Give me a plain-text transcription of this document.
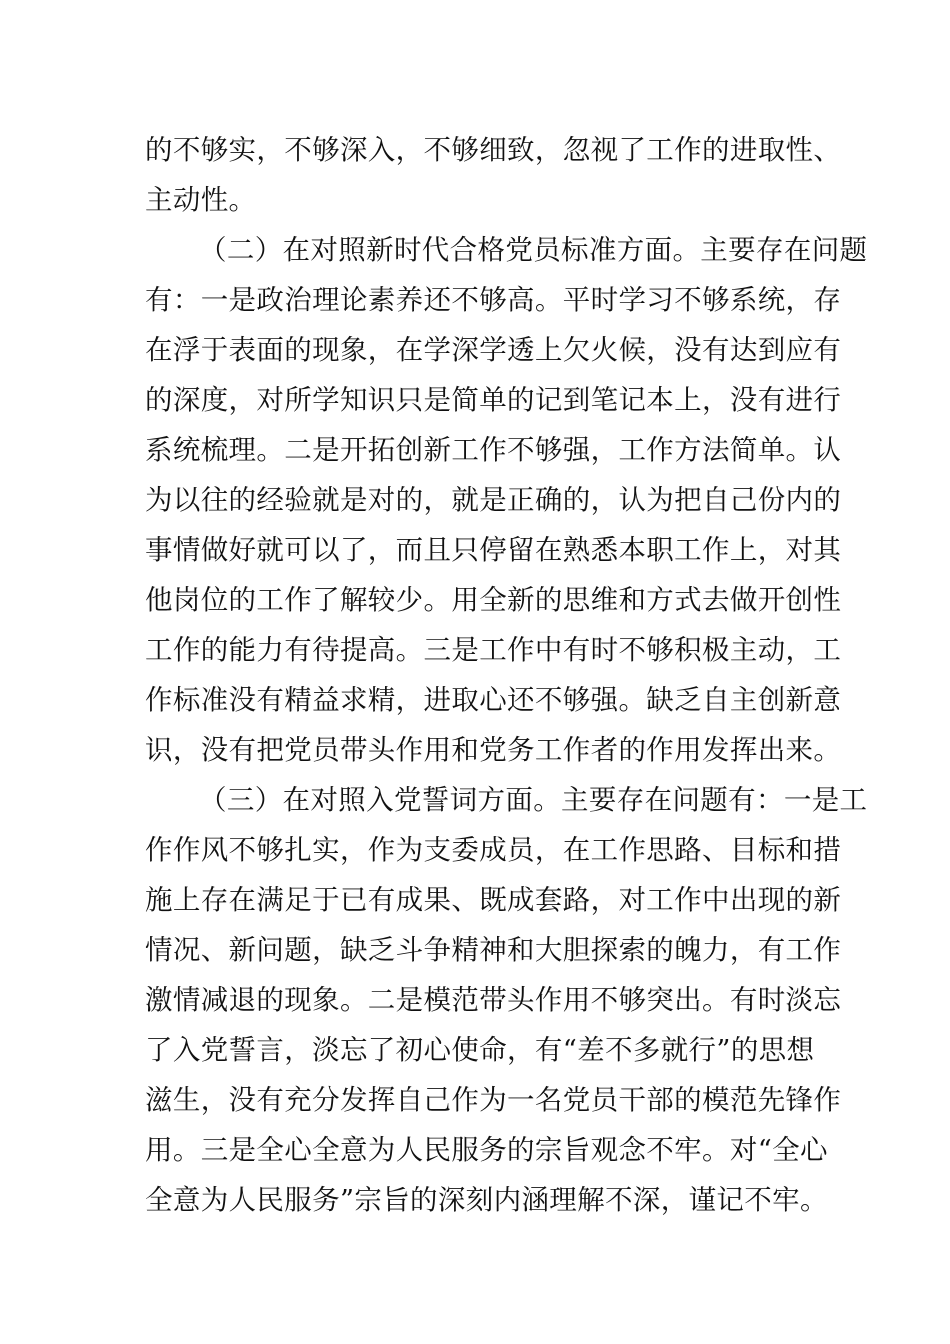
的不够实，不够深入，不够细致，忽视了工作的进取性、
主动性。
（二）在对照新时代合格党员标准方面。主要存在问题
有：一是政治理论素养还不够高。平时学习不够系统，存
在浮于表面的现象，在学深学透上欠火候，没有达到应有
的深度，对所学知识只是简单的记到笔记本上，没有进行
系统梳理。二是开拓创新工作不够强，工作方法简单。认
为以往的经验就是对的，就是正确的，认为把自己份内的
事情做好就可以了，而且只停留在熟悉本职工作上，对其
他岗位的工作了解较少。用全新的思维和方式去做开创性
工作的能力有待提高。三是工作中有时不够积极主动，工
作标准没有精益求精，进取心还不够强。缺乏自主创新意
识，没有把党员带头作用和党务工作者的作用发挥出来。
（三）在对照入党誓词方面。主要存在问题有：一是工
作作风不够扎实，作为支委成员，在工作思路、目标和措
施上存在满足于已有成果、既成套路，对工作中出现的新
情况、新问题，缺乏斗争精神和大胆探索的魄力，有工作
激情减退的现象。二是模范带头作用不够突出。有时淡忘
了入党誓言，淡忘了初心使命，有“差不多就行”的思想
滋生，没有充分发挥自己作为一名党员干部的模范先锋作
用。三是全心全意为人民服务的宗旨观念不牢。对“全心
全意为人民服务”宗旨的深刻内涵理解不深，谨记不牢。
